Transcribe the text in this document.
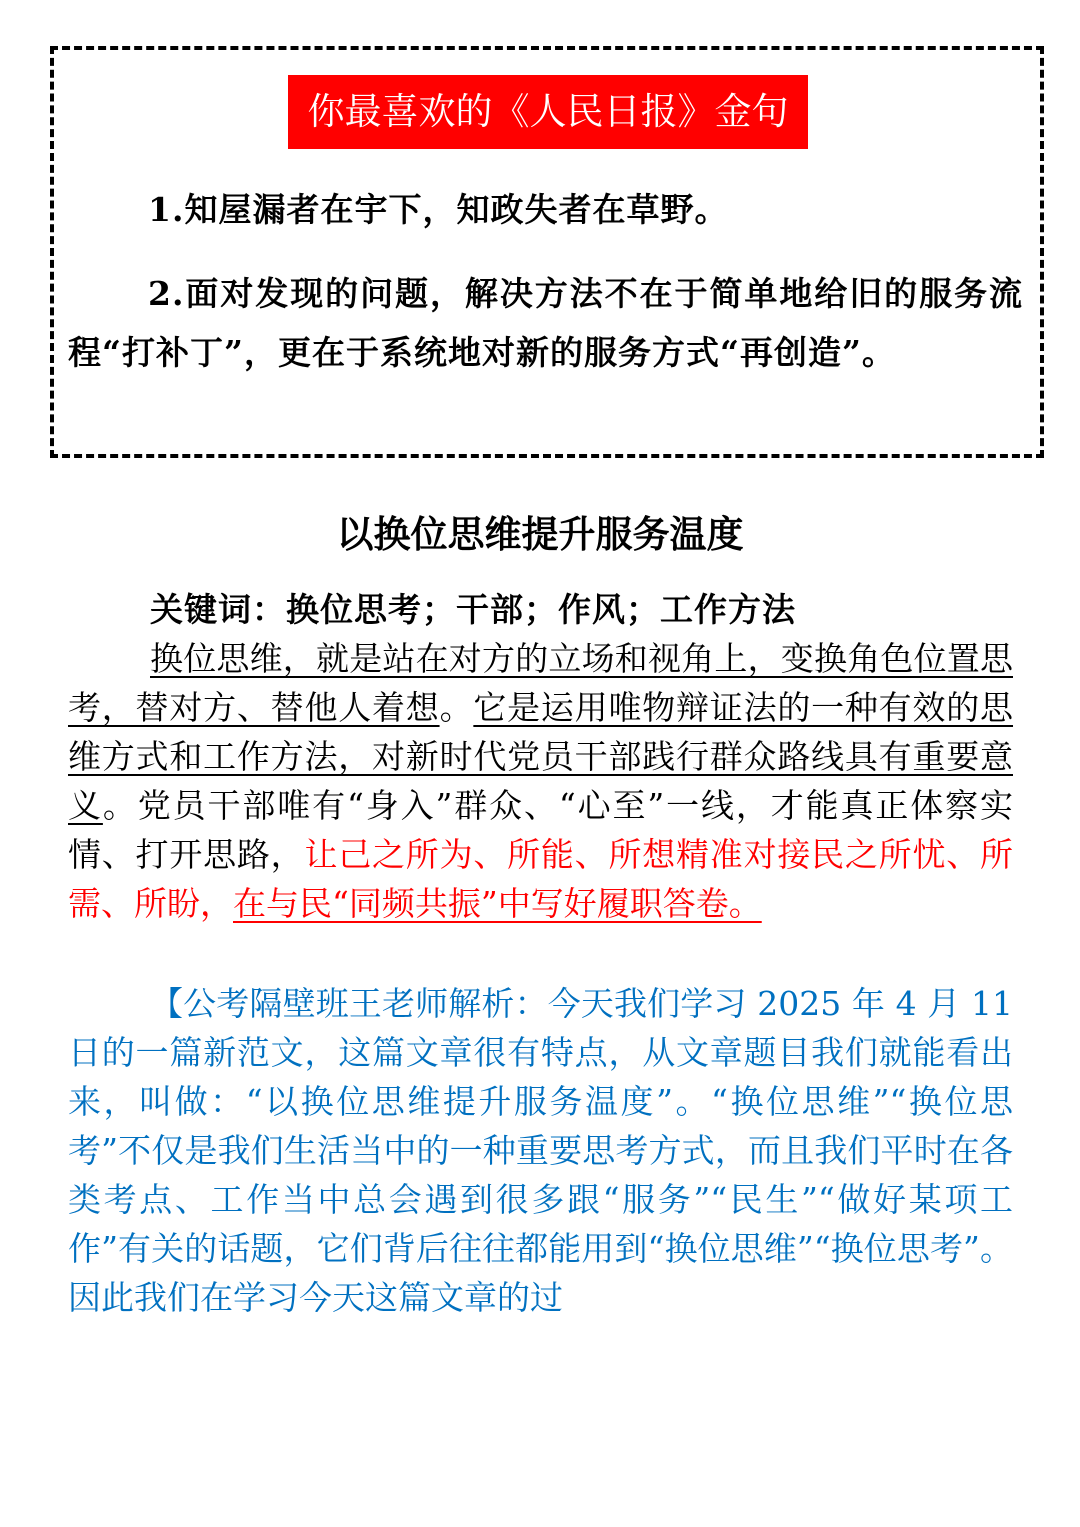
你最喜欢的《人民日报》金句
1.知屋漏者在宇下，知政失者在草野。
2.面对发现的问题，解决方法不在于简单地给旧的服务流程“打补丁”，更在于系统地对新的服务方式“再创造”。
以换位思维提升服务温度
关键词：换位思考；干部；作风；工作方法
换位思维，就是站在对方的立场和视角上，变换角色位置思考，替对方、替他人着想。它是运用唯物辩证法的一种有效的思维方式和工作方法，对新时代党员干部践行群众路线具有重要意义。党员干部唯有“身入”群众、“心至”一线，才能真正体察实情、打开思路，让己之所为、所能、所想精准对接民之所忧、所需、所盼，在与民“同频共振”中写好履职答卷。
【公考隔壁班王老师解析：今天我们学习 2025 年 4 月 11 日的一篇新范文，这篇文章很有特点，从文章题目我们就能看出来，叫做：“以换位思维提升服务温度”。“换位思维”“换位思考”不仅是我们生活当中的一种重要思考方式，而且我们平时在各类考点、工作当中总会遇到很多跟“服务”“民生”“做好某项工作”有关的话题，它们背后往往都能用到“换位思维”“换位思考”。因此我们在学习今天这篇文章的过
